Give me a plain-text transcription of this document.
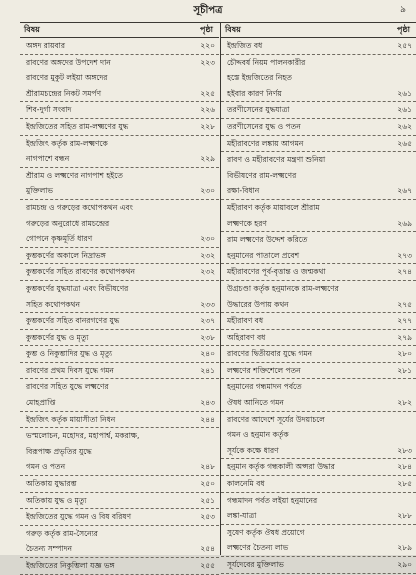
সূচীপত্র	৯
বিষয়	পৃষ্ঠা
অঙ্গদ রায়বার	২২০
রাবণের অঙ্গদের উপদেশ দান	২২৩
রাবণের মুকুট লইয়া অঙ্গদের
শ্রীরামচন্দ্রের নিকট সমর্পণ	২২৫
শিব-দুর্গা সংবাদ	২২৬
ইন্দ্রজিতের সহিত রাম-লক্ষ্মণের যুদ্ধ	২২৮
ইন্দ্রজিৎ কর্তৃক রাম-লক্ষ্মণকে
নাগপাশে বন্ধন	২২৯
শ্রীরাম ও লক্ষ্মণের নাগপাশ হইতে
মুক্তিলাভ	২৩০
রামচন্দ্র ও গরুড়ের কথোপকথন এবং
গরুড়ের অনুরোধে রামচন্দ্রের
গোপনে কৃষ্ণমূর্তি ধারণ	২৩০
কুম্ভকর্ণের অকালে নিদ্রাভঙ্গ	২৩২
কুম্ভকর্ণের সহিত রাবণের কথোপকথন	২৩২
কুম্ভকর্ণের যুদ্ধযাত্রা এবং বিভীষণের
সহিত কথোপকথন	২৩৩
কুম্ভকর্ণের সহিত বানরগণের যুদ্ধ	২৩৭
কুম্ভকর্ণের যুদ্ধ ও মৃত্যু	২৩৮
কুম্ভ ও নিকুম্ভাদির যুদ্ধ ও মৃত্যু	২৪০
রাবণের প্রথম দিবস যুদ্ধে গমন	২৪১
রাবণের সহিত যুদ্ধে লক্ষ্মণের
মোহপ্রাপ্তি	২৪৩
ইন্দ্রজিৎ কর্তৃক মায়াসীতা নিধন	২৪৪
ভস্মলোচন, মহোদর, মহাপার্শ্ব, মকরাক্ষ,
বিরূপাক্ষ প্রভৃতির যুদ্ধে
গমন ও পতন	২৪৮
অতিকায় যুদ্ধারম্ভ	২৫০
অতিকায় যুদ্ধ ও মৃত্যু	২৫১
ইন্দ্রজিতের যুদ্ধে গমন ও বিষ বরিষণ	২৫৩
গরুড় কর্তৃক রাম-সৈন্যের
চৈতন্য সম্পাদন	২৫৪
ইন্দ্রজিতের নিকুম্ভিলা যজ্ঞ ভঙ্গ	২৫৫
বিষয়	পৃষ্ঠা
ইন্দ্রজিত বধ	২৫৭
চৌদ্দবর্ষ নিয়ম পালনকারীর
হস্তে ইন্দ্রজিতের নিহত
হইবার কারণ নির্ণয়	২৬১
তরণীসেনের যুদ্ধযাত্রা	২৬১
তরণীসেনের যুদ্ধ ও পতন	২৬২
মহীরাবণের লঙ্কায় আগমন	২৬৫
রাবণ ও মহীরাবণের মন্ত্রণা শুনিয়া
বিভীষণের রাম-লক্ষ্মণের
রক্ষা-বিধান	২৬৭
মহীরাবণ কর্তৃক মায়াবলে শ্রীরাম
লক্ষ্মণকে হরণ	২৬৯
রাম লক্ষ্মণের উদ্দেশ করিতে
হনুমানের পাতালে প্রবেশ	২৭৩
মহীরাবণের পূর্ব-বৃত্তান্ত ও জন্মকথা	২৭৪
উগ্রচণ্ডা কর্তৃক হনুমানকে রাম-লক্ষ্মণের
উদ্ধারের উপায় কথন	২৭৫
মহীরাবণ বধ	২৭৭
অহিরাবণ বধ	২৭৯
রাবণের দ্বিতীয়বার যুদ্ধে গমন	২৮০
লক্ষ্মণের শক্তিশেলে পতন	২৮১
হনুমানের গন্ধমাদন পর্বতে
ঔষধ আনিতে গমন	২৮২
রাবণের আদেশে সূর্যের উদয়াচলে
গমন ও হনুমান কর্তৃক
সূর্যকে কক্ষে ধারণ	২৮৩
হনুমান কর্তৃক গন্ধকালী অপ্সরা উদ্ধার	২৮৪
কালনেমি বধ	২৮৫
গন্ধমাদন পর্বত লইয়া হনুমানের
লঙ্কা-যাত্রা	২৮৮
সুষেণ কর্তৃক ঔষধ প্রয়োগে
লক্ষ্মণের চৈতন্য লাভ	২৮৯
সূর্যদেবের মুক্তিলাভ	২৯০
